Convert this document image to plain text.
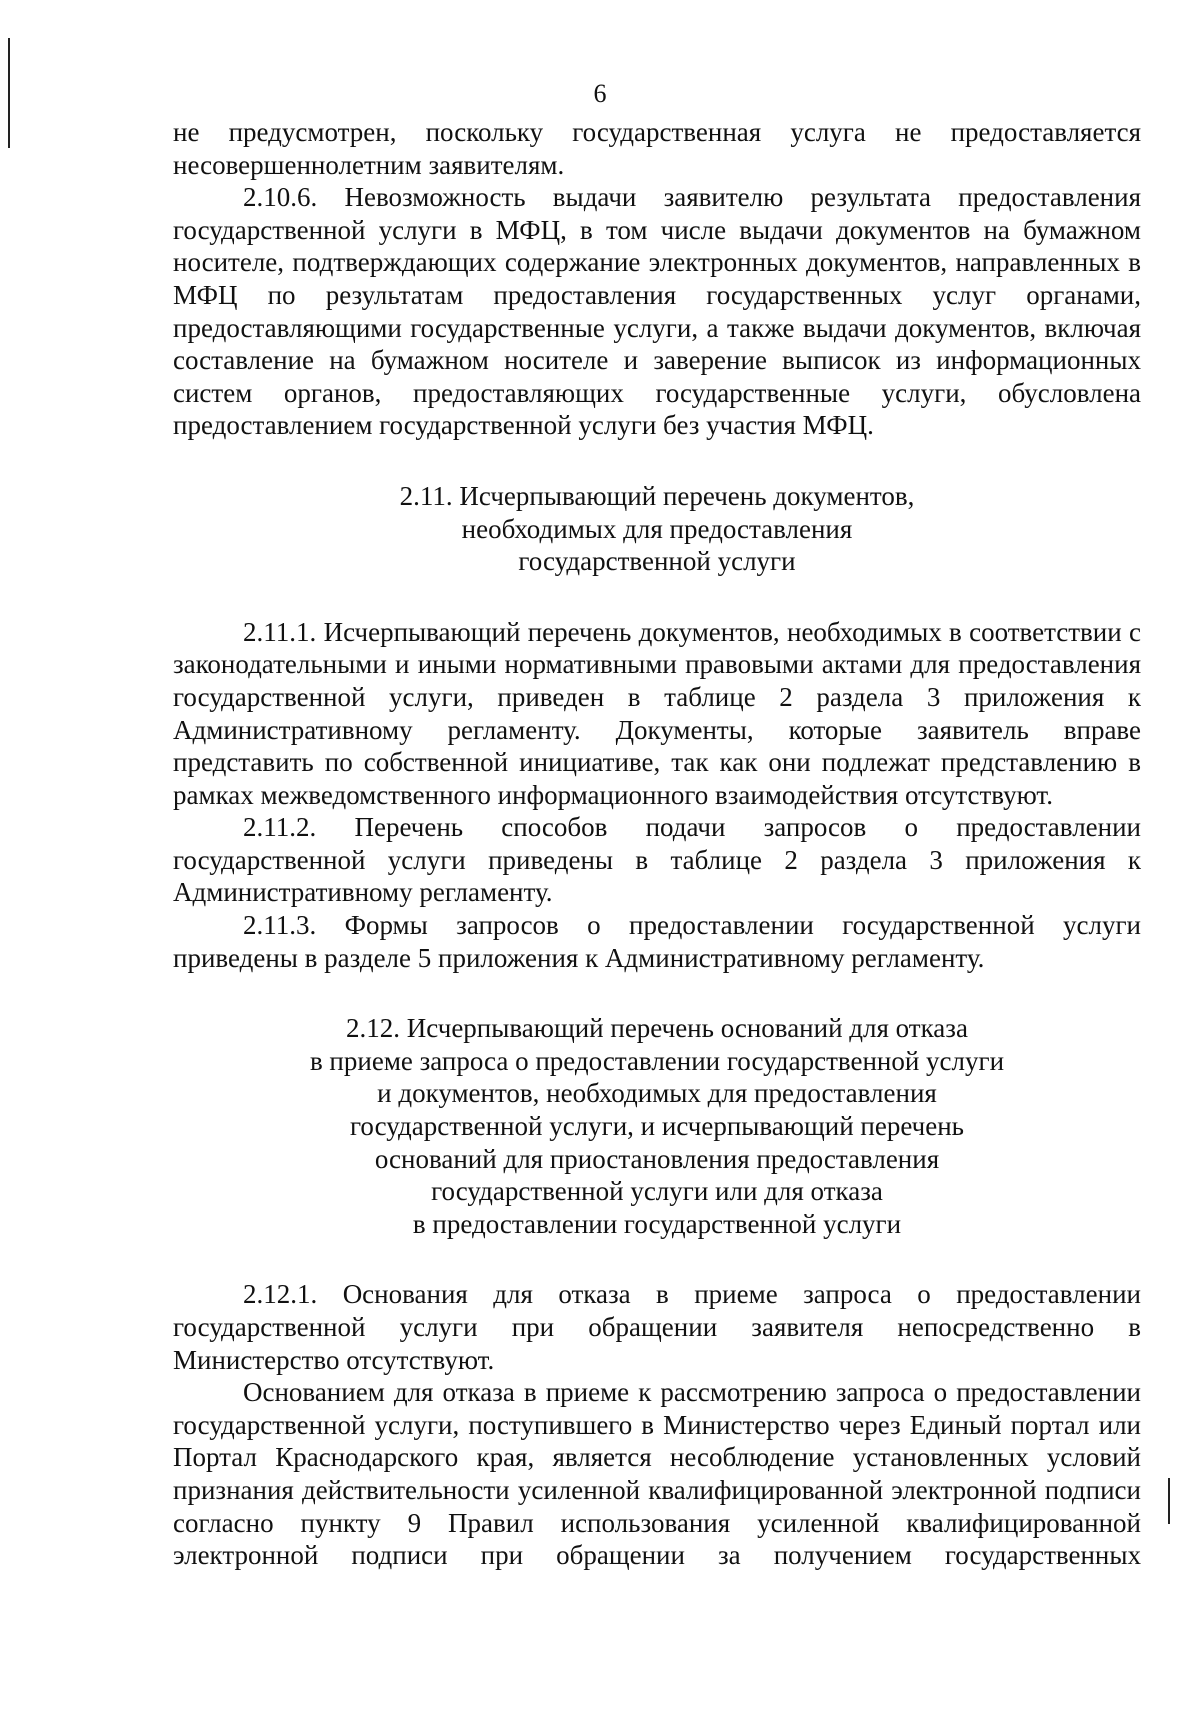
6

не предусмотрен, поскольку государственная услуга не предоставляется несовершеннолетним заявителям.

2.10.6. Невозможность выдачи заявителю результата предоставления государственной услуги в МФЦ, в том числе выдачи документов на бумажном носителе, подтверждающих содержание электронных документов, направленных в МФЦ по результатам предоставления государственных услуг органами, предоставляющими государственные услуги, а также выдачи документов, включая составление на бумажном носителе и заверение выписок из информационных систем органов, предоставляющих государственные услуги, обусловлена предоставлением государственной услуги без участия МФЦ.

2.11. Исчерпывающий перечень документов,
необходимых для предоставления
государственной услуги

2.11.1. Исчерпывающий перечень документов, необходимых в соответствии с законодательными и иными нормативными правовыми актами для предоставления государственной услуги, приведен в таблице 2 раздела 3 приложения к Административному регламенту. Документы, которые заявитель вправе представить по собственной инициативе, так как они подлежат представлению в рамках межведомственного информационного взаимодействия отсутствуют.

2.11.2. Перечень способов подачи запросов о предоставлении государственной услуги приведены в таблице 2 раздела 3 приложения к Административному регламенту.

2.11.3. Формы запросов о предоставлении государственной услуги приведены в разделе 5 приложения к Административному регламенту.

2.12. Исчерпывающий перечень оснований для отказа
в приеме запроса о предоставлении государственной услуги
и документов, необходимых для предоставления
государственной услуги, и исчерпывающий перечень
оснований для приостановления предоставления
государственной услуги или для отказа
в предоставлении государственной услуги

2.12.1. Основания для отказа в приеме запроса о предоставлении государственной услуги при обращении заявителя непосредственно в Министерство отсутствуют.

Основанием для отказа в приеме к рассмотрению запроса о предоставлении государственной услуги, поступившего в Министерство через Единый портал или Портал Краснодарского края, является несоблюдение установленных условий признания действительности усиленной квалифицированной электронной подписи согласно пункту 9 Правил использования усиленной квалифицированной электронной подписи при обращении за получением государственных
